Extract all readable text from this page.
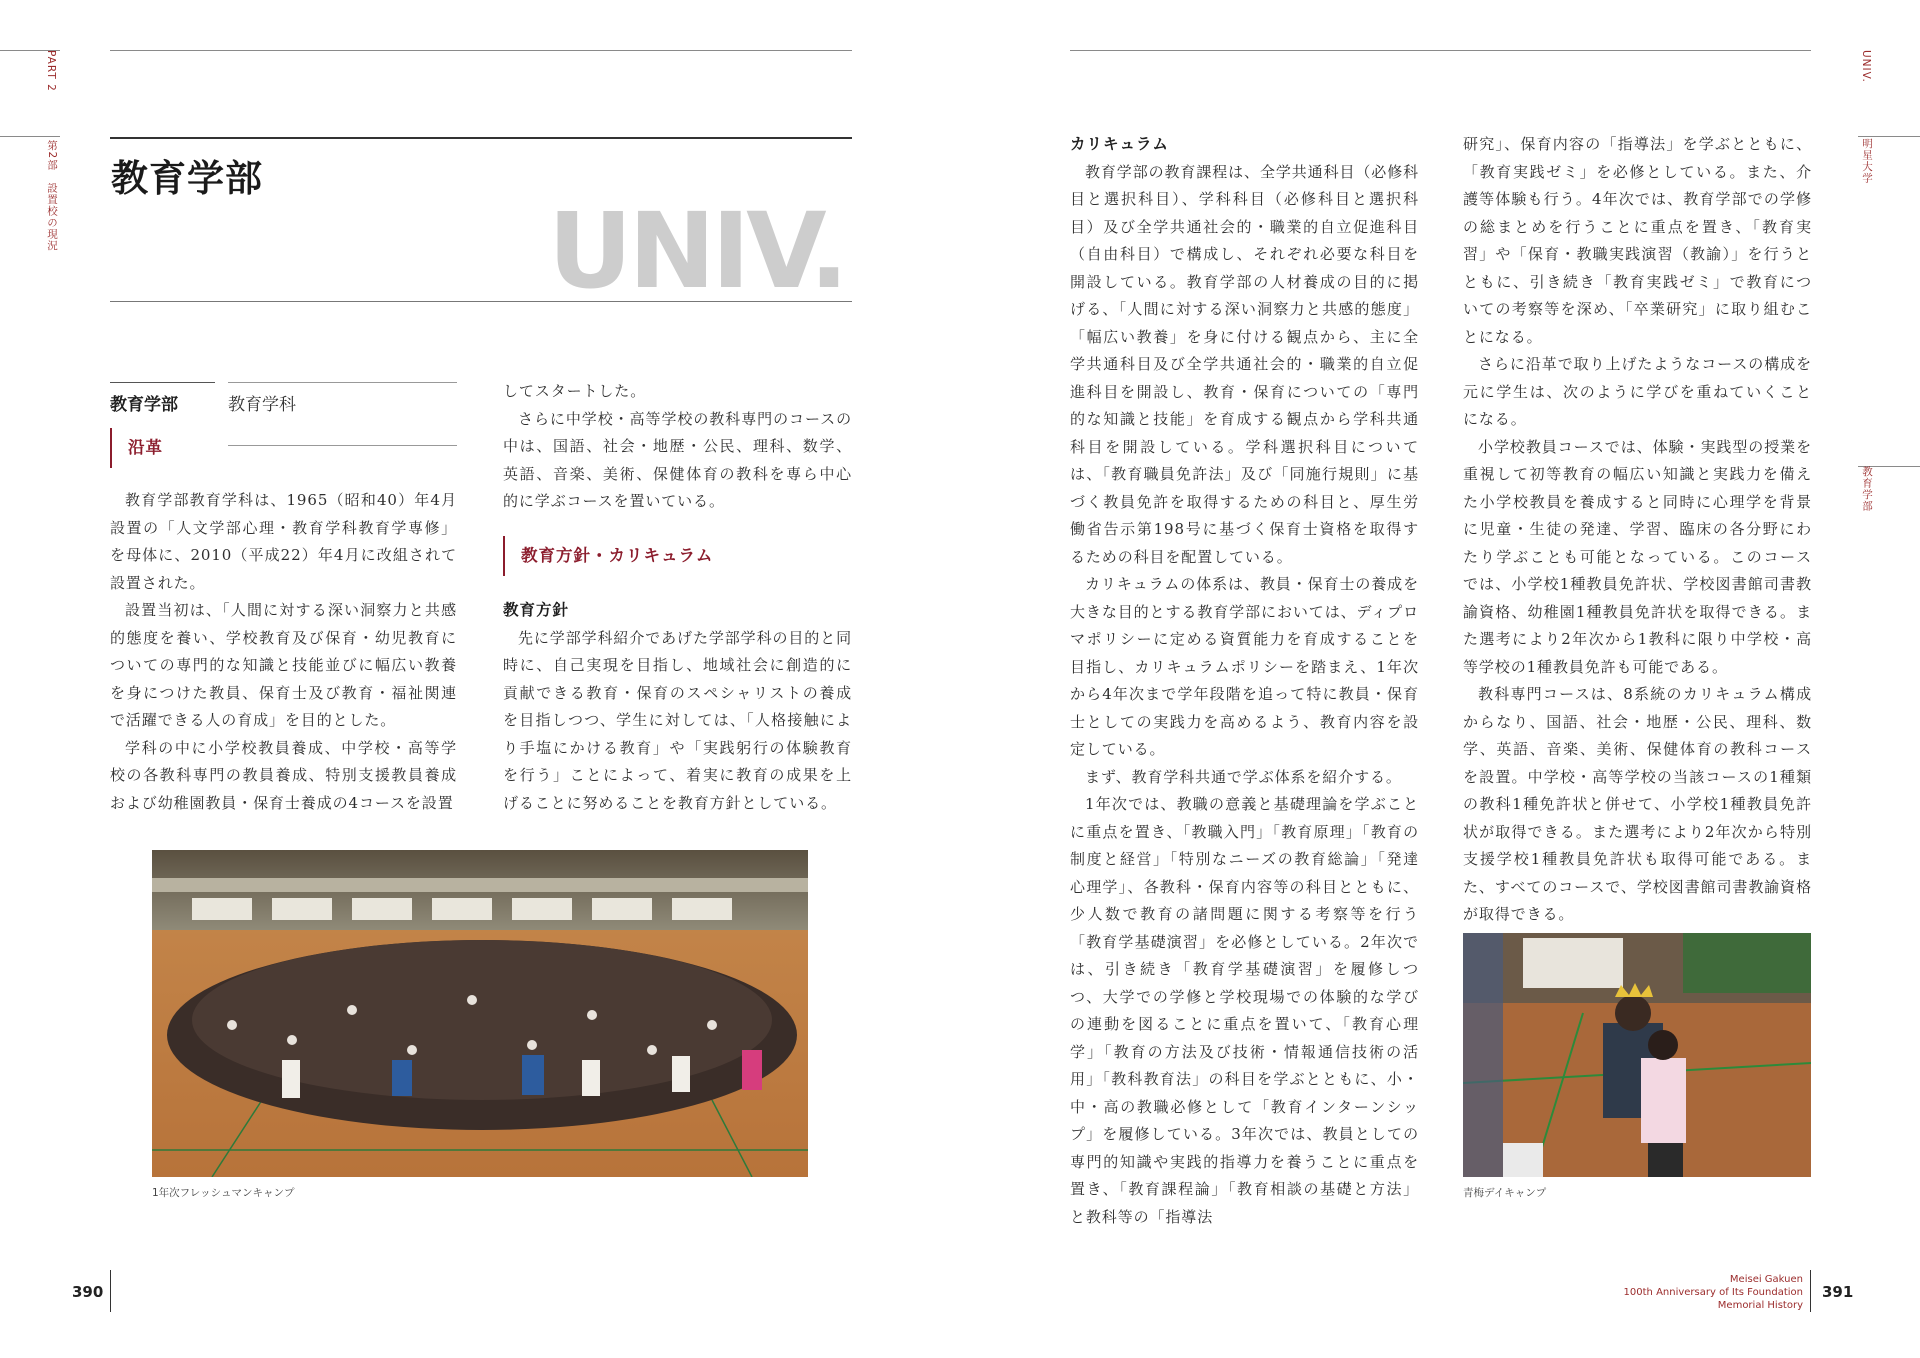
PART 2
第2部　設置校の現況
UNIV.
明星大学
教育学部
教育学部
UNIV.
教育学部	教育学科
沿革

教育学部教育学科は、1965（昭和40）年4月設置の「人文学部心理・教育学科教育学専修」を母体に、2010（平成22）年4月に改組されて設置された。

設置当初は、「人間に対する深い洞察力と共感的態度を養い、学校教育及び保育・幼児教育についての専門的な知識と技能並びに幅広い教養を身につけた教員、保育士及び教育・福祉関連で活躍できる人の育成」を目的とした。

学科の中に小学校教員養成、中学校・高等学校の各教科専門の教員養成、特別支援教員養成および幼稚園教員・保育士養成の4コースを設置

してスタートした。

さらに中学校・高等学校の教科専門のコースの中は、国語、社会・地歴・公民、理科、数学、英語、音楽、美術、保健体育の教科を専ら中心的に学ぶコースを置いている。

教育方針・カリキュラム
教育方針

先に学部学科紹介であげた学部学科の目的と同時に、自己実現を目指し、地域社会に創造的に貢献できる教育・保育のスペシャリストの養成を目指しつつ、学生に対しては、「人格接触により手塩にかける教育」や「実践躬行の体験教育を行う」ことによって、着実に教育の成果を上げることに努めることを教育方針としている。

1年次フレッシュマンキャンプ
カリキュラム

教育学部の教育課程は、全学共通科目（必修科目と選択科目）、学科科目（必修科目と選択科目）及び全学共通社会的・職業的自立促進科目（自由科目）で構成し、それぞれ必要な科目を開設している。教育学部の人材養成の目的に掲げる、「人間に対する深い洞察力と共感的態度」「幅広い教養」を身に付ける観点から、主に全学共通科目及び全学共通社会的・職業的自立促進科目を開設し、教育・保育についての「専門的な知識と技能」を育成する観点から学科共通科目を開設している。学科選択科目については、「教育職員免許法」及び「同施行規則」に基づく教員免許を取得するための科目と、厚生労働省告示第198号に基づく保育士資格を取得するための科目を配置している。

カリキュラムの体系は、教員・保育士の養成を大きな目的とする教育学部においては、ディプロマポリシーに定める資質能力を育成することを目指し、カリキュラムポリシーを踏まえ、1年次から4年次まで学年段階を追って特に教員・保育士としての実践力を高めるよう、教育内容を設定している。

まず、教育学科共通で学ぶ体系を紹介する。

1年次では、教職の意義と基礎理論を学ぶことに重点を置き、「教職入門」「教育原理」「教育の制度と経営」「特別なニーズの教育総論」「発達心理学」、各教科・保育内容等の科目とともに、少人数で教育の諸問題に関する考察等を行う「教育学基礎演習」を必修としている。2年次では、引き続き「教育学基礎演習」を履修しつつ、大学での学修と学校現場での体験的な学びの連動を図ることに重点を置いて、「教育心理学」「教育の方法及び技術・情報通信技術の活用」「教科教育法」の科目を学ぶとともに、小・中・高の教職必修として「教育インターンシップ」を履修している。3年次では、教員としての専門的知識や実践的指導力を養うことに重点を置き、「教育課程論」「教育相談の基礎と方法」と教科等の「指導法

研究」、保育内容の「指導法」を学ぶとともに、「教育実践ゼミ」を必修としている。また、介護等体験も行う。4年次では、教育学部での学修の総まとめを行うことに重点を置き、「教育実習」や「保育・教職実践演習（教諭）」を行うとともに、引き続き「教育実践ゼミ」で教育についての考察等を深め、「卒業研究」に取り組むことになる。

さらに沿革で取り上げたようなコースの構成を元に学生は、次のように学びを重ねていくことになる。

小学校教員コースでは、体験・実践型の授業を重視して初等教育の幅広い知識と実践力を備えた小学校教員を養成すると同時に心理学を背景に児童・生徒の発達、学習、臨床の各分野にわたり学ぶことも可能となっている。このコースでは、小学校1種教員免許状、学校図書館司書教諭資格、幼稚園1種教員免許状を取得できる。また選考により2年次から1教科に限り中学校・高等学校の1種教員免許も可能である。

教科専門コースは、8系統のカリキュラム構成からなり、国語、社会・地歴・公民、理科、数学、英語、音楽、美術、保健体育の教科コースを設置。中学校・高等学校の当該コースの1種類の教科1種免許状と併せて、小学校1種教員免許状が取得できる。また選考により2年次から特別支援学校1種教員免許状も取得可能である。また、すべてのコースで、学校図書館司書教諭資格が取得できる。

青梅デイキャンプ
390
Meisei Gakuen
100th Anniversary of Its Foundation
Memorial History
391
